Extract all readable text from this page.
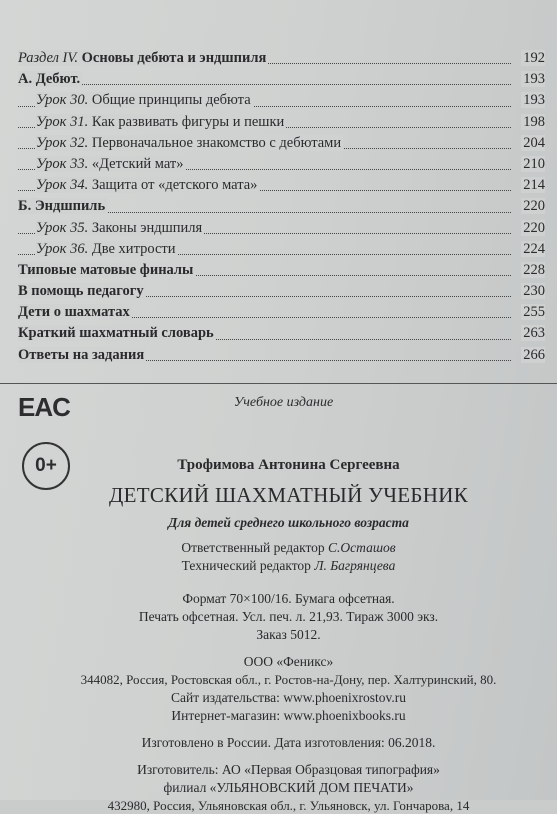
Раздел IV. Основы дебюта и эндшпиля	192
А. Дебют.	193
Урок 30. Общие принципы дебюта	193
Урок 31. Как развивать фигуры и пешки	198
Урок 32. Первоначальное знакомство с дебютами	204
Урок 33. «Детский мат»	210
Урок 34. Защита от «детского мата»	214
Б. Эндшпиль	220
Урок 35. Законы эндшпиля	220
Урок 36. Две хитрости	224
Типовые матовые финалы	228
В помощь педагогу	230
Дети о шахматах	255
Краткий шахматный словарь	263
Ответы на задания	266
EAC	Учебное издание
0+	Трофимова Антонина Сергеевна
ДЕТСКИЙ ШАХМАТНЫЙ УЧЕБНИК
Для детей среднего школьного возраста
Ответственный редактор С.Осташов
Технический редактор Л. Багрянцева
Формат 70×100/16. Бумага офсетная.
Печать офсетная. Усл. печ. л. 21,93. Тираж 3000 экз.
Заказ 5012.
ООО «Феникс»
344082, Россия, Ростовская обл., г. Ростов-на-Дону, пер. Халтуринский, 80.
Сайт издательства: www.phoenixrostov.ru
Интернет-магазин: www.phoenixbooks.ru
Изготовлено в России. Дата изготовления: 06.2018.
Изготовитель: АО «Первая Образцовая типография»
филиал «УЛЬЯНОВСКИЙ ДОМ ПЕЧАТИ»
432980, Россия, Ульяновская обл., г. Ульяновск, ул. Гончарова, 14
